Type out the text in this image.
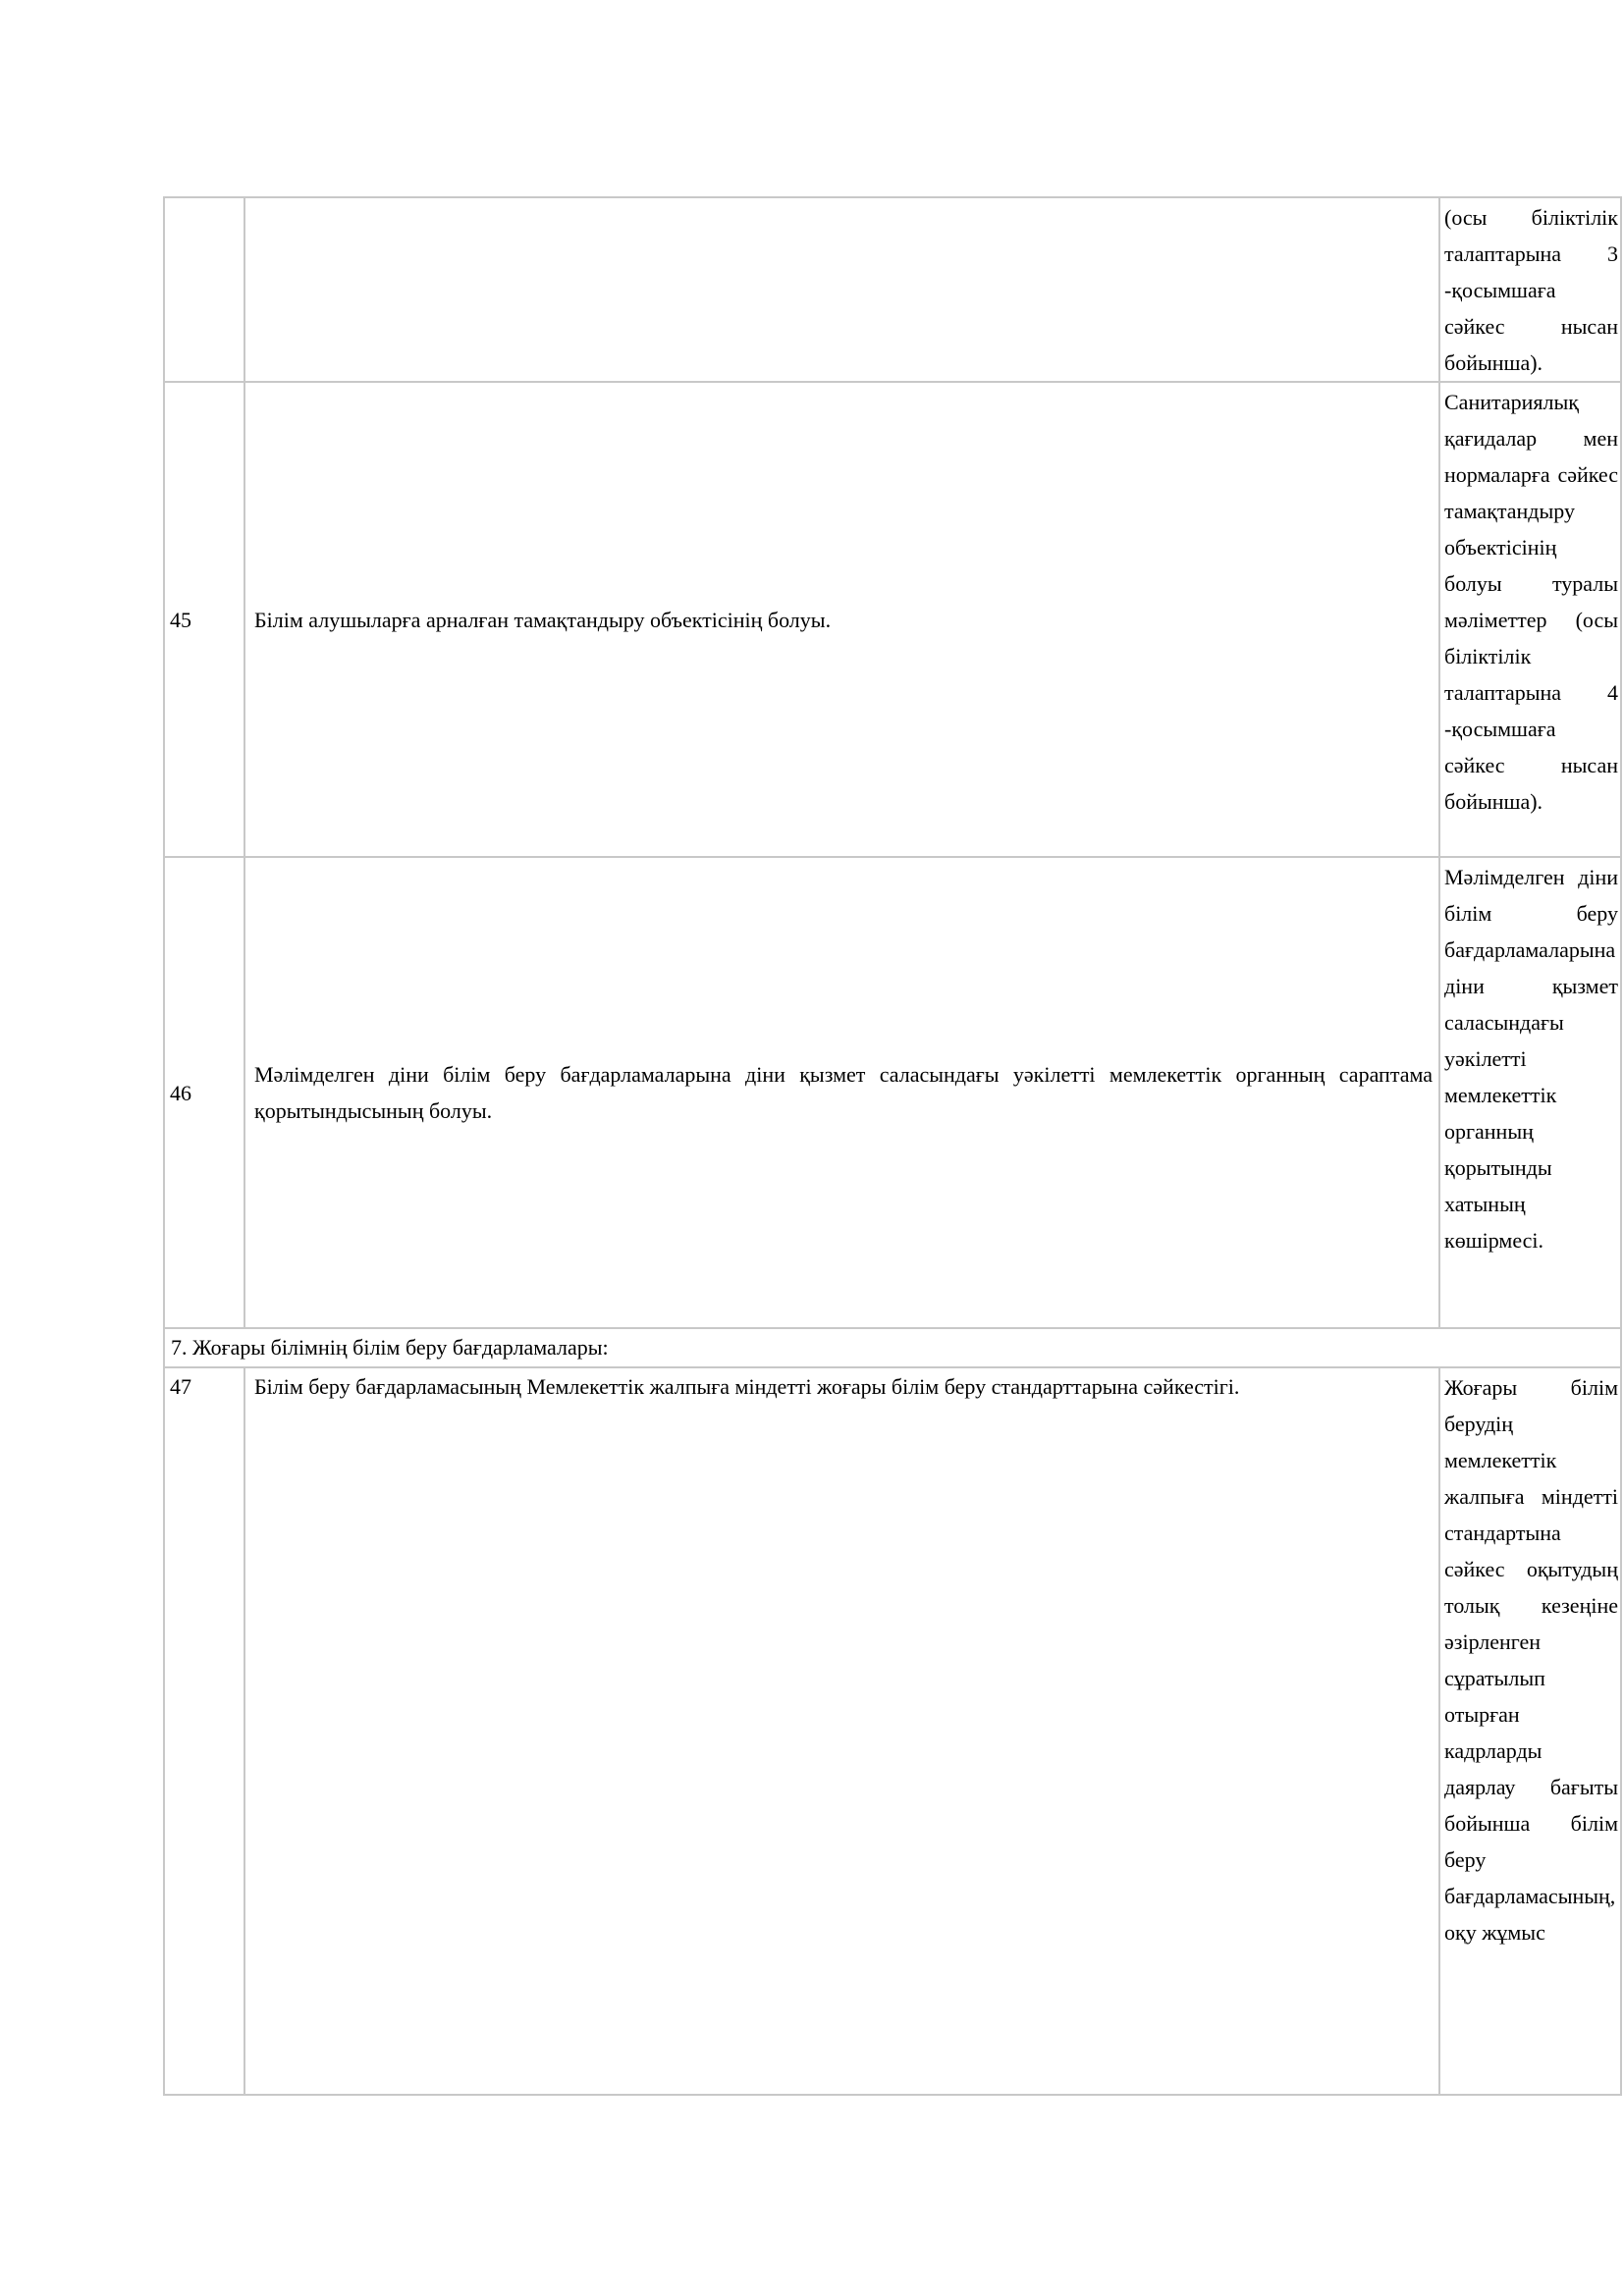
		(осы біліктілік талаптарына 3 -қосымшаға сәйкес нысан бойынша).
45	Білім алушыларға арналған тамақтандыру объектісінің болуы.	Санитариялық қағидалар мен нормаларға сәйкес тамақтандыру объектісінің болуы туралы мәліметтер (осы біліктілік талаптарына 4 -қосымшаға сәйкес нысан бойынша).
46	Мәлімделген діни білім беру бағдарламаларына діни қызмет саласындағы уәкілетті мемлекеттік органның сараптама қорытындысының болуы.	Мәлімделген діни білім беру бағдарламаларына діни қызмет саласындағы уәкілетті мемлекеттік органның қорытынды хатының көшірмесі.
7. Жоғары білімнің білім беру бағдарламалары:		
47	Білім беру бағдарламасының Мемлекеттік жалпыға міндетті жоғары білім беру стандарттарына сәйкестігі.	Жоғары білім берудің мемлекеттік жалпыға міндетті стандартына сәйкес оқытудың толық кезеңіне әзірленген сұратылып отырған кадрларды даярлау бағыты бойынша білім беру бағдарламасының, оқу жұмыс
